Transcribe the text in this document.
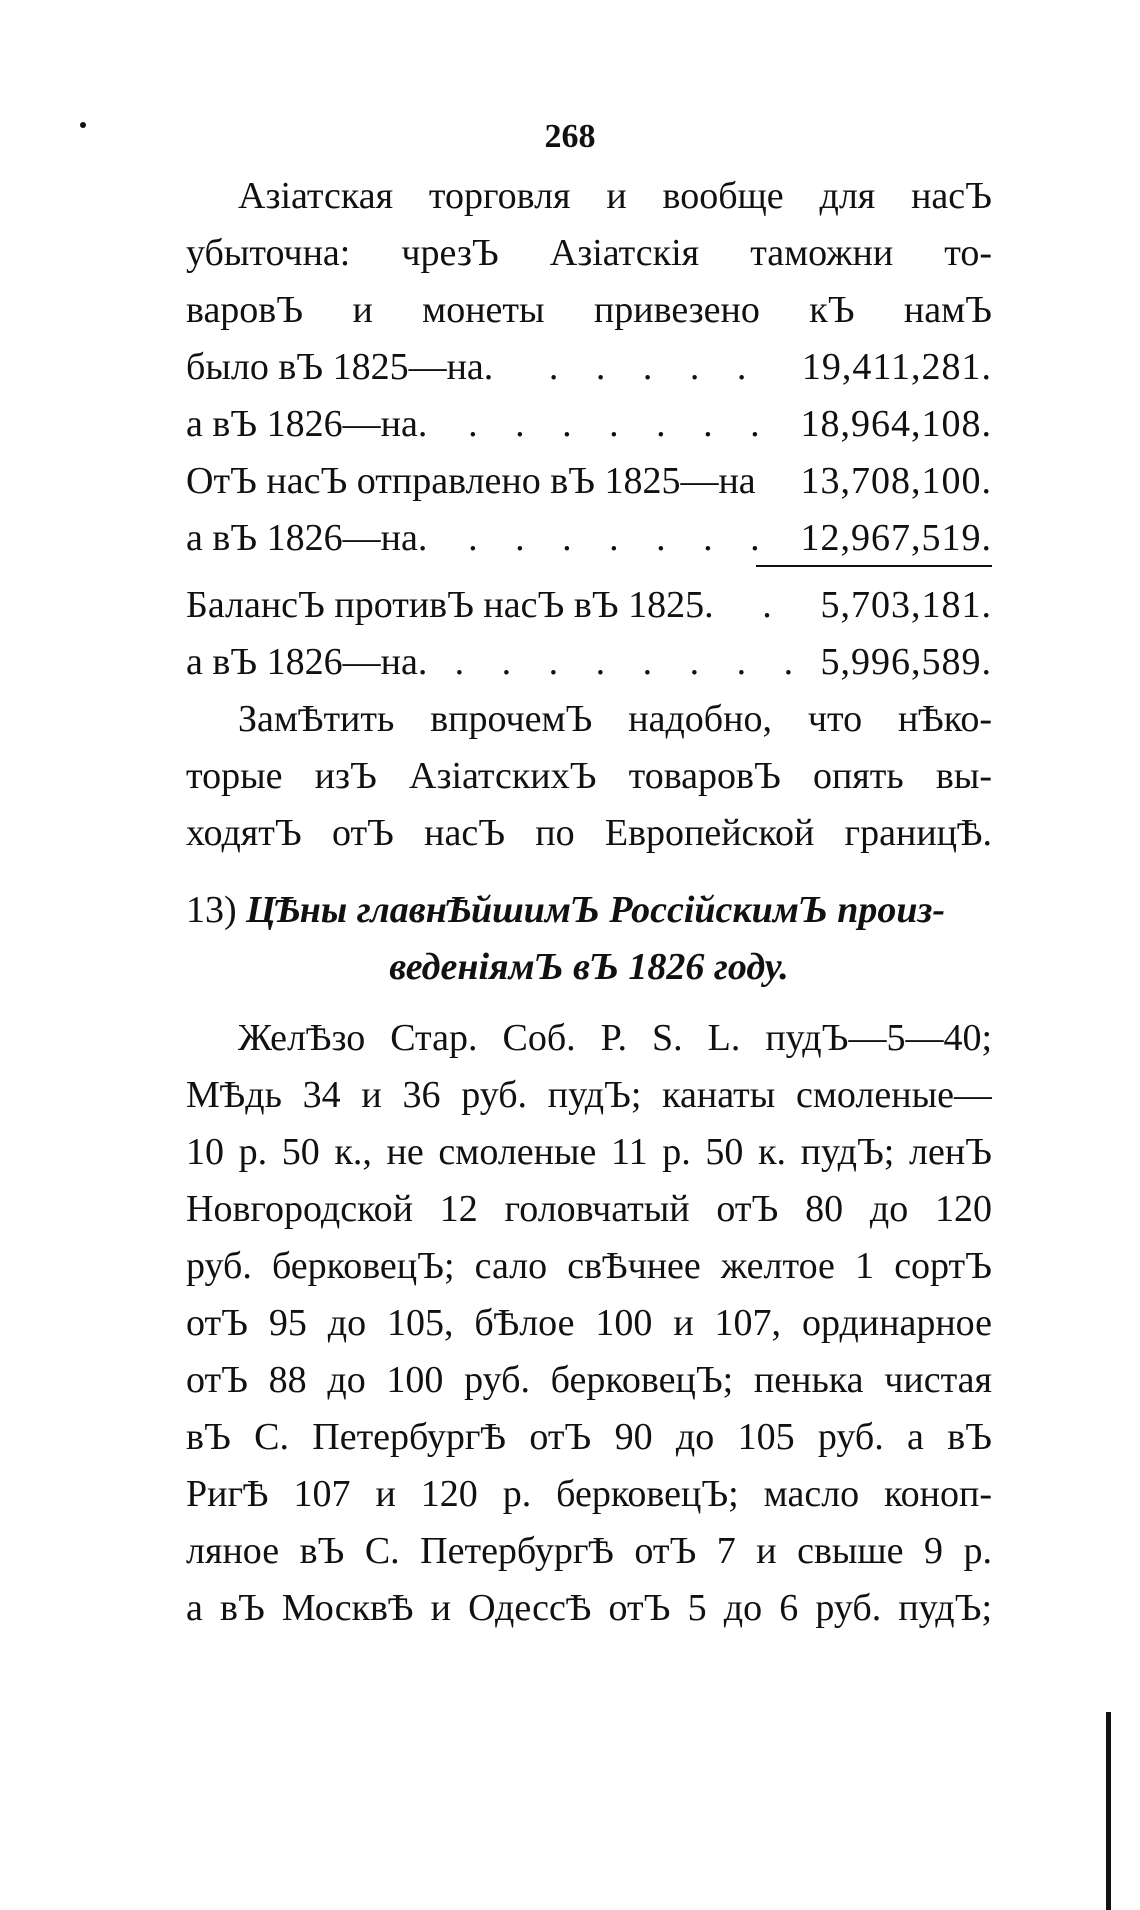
268
Азіатская торговля и вообще для насЪ
убыточна: чрезЪ Азіатскія таможни то-
варовЪ и монеты привезено кЪ намЪ
было вЪ 1825—на.	. . . . .	19,411,281.
а вЪ 1826—на.	. . . . . . . 18,964,108.
ОтЪ насЪ отправлено вЪ 1825—на 13,708,100.
а вЪ 1826—на.	. . . . . . . 12,967,519.
БалансЪ противЪ насЪ вЪ 1825.	. 5,703,181.
а вЪ 1826—на. . . . . . . . . 5,996,589.
ЗамѢтить впрочемЪ надобно, что нѢко-
торые изЪ АзіатскихЪ товаровЪ опять вы-
ходятЪ отЪ насЪ по Европейской границѢ.
13) ЦѢны главнѢйшимЪ РоссійскимЪ произ-
веденіямЪ вЪ 1826 году.
ЖелѢзо Стар. Соб. P. S. L. пудЪ—5—40;
МѢдь 34 и 36 руб. пудЪ; канаты смоленые—
10 р. 50 к., не смоленые 11 р. 50 к. пудЪ; ленЪ
Новгородской 12 головчатый отЪ 80 до 120
руб. берковецЪ; сало свѢчнее желтое 1 сортЪ
отЪ 95 до 105, бѢлое 100 и 107, ординарное
отЪ 88 до 100 руб. берковецЪ; пенька чистая
вЪ С. ПетербургѢ отЪ 90 до 105 руб. а вЪ
РигѢ 107 и 120 р. берковецЪ; масло коноп-
ляное вЪ С. ПетербургѢ отЪ 7 и свыше 9 р.
а вЪ МосквѢ и ОдессѢ отЪ 5 до 6 руб. пудЪ;
